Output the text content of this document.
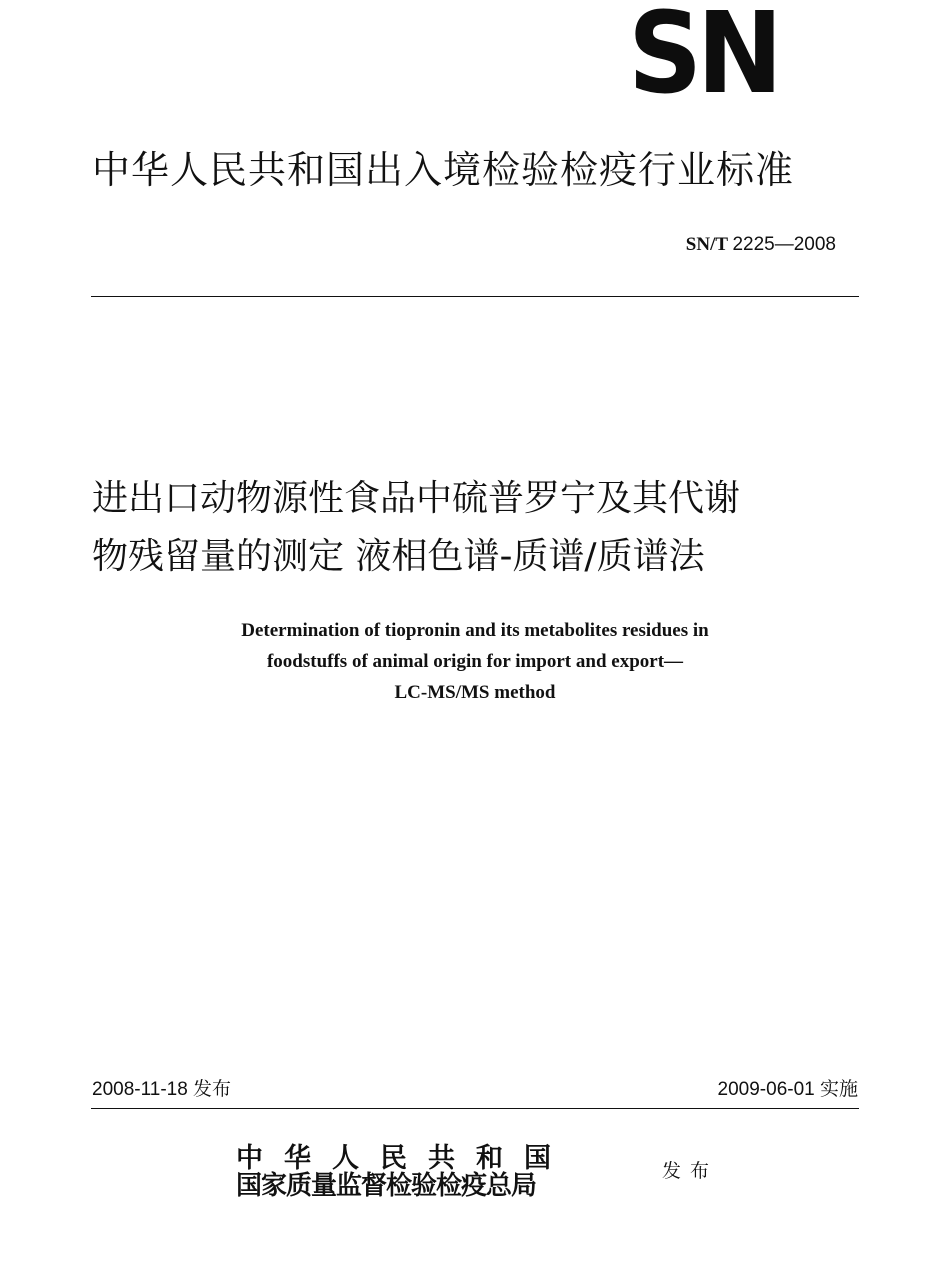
SN
中华人民共和国出入境检验检疫行业标准
SN/T 2225—2008
进出口动物源性食品中硫普罗宁及其代谢
物残留量的测定 液相色谱-质谱/质谱法
Determination of tiopronin and its metabolites residues in
foodstuffs of animal origin for import and export—
LC-MS/MS method
2008-11-18 发布	2009-06-01 实施
中华人民共和国
国家质量监督检验检疫总局	发布
